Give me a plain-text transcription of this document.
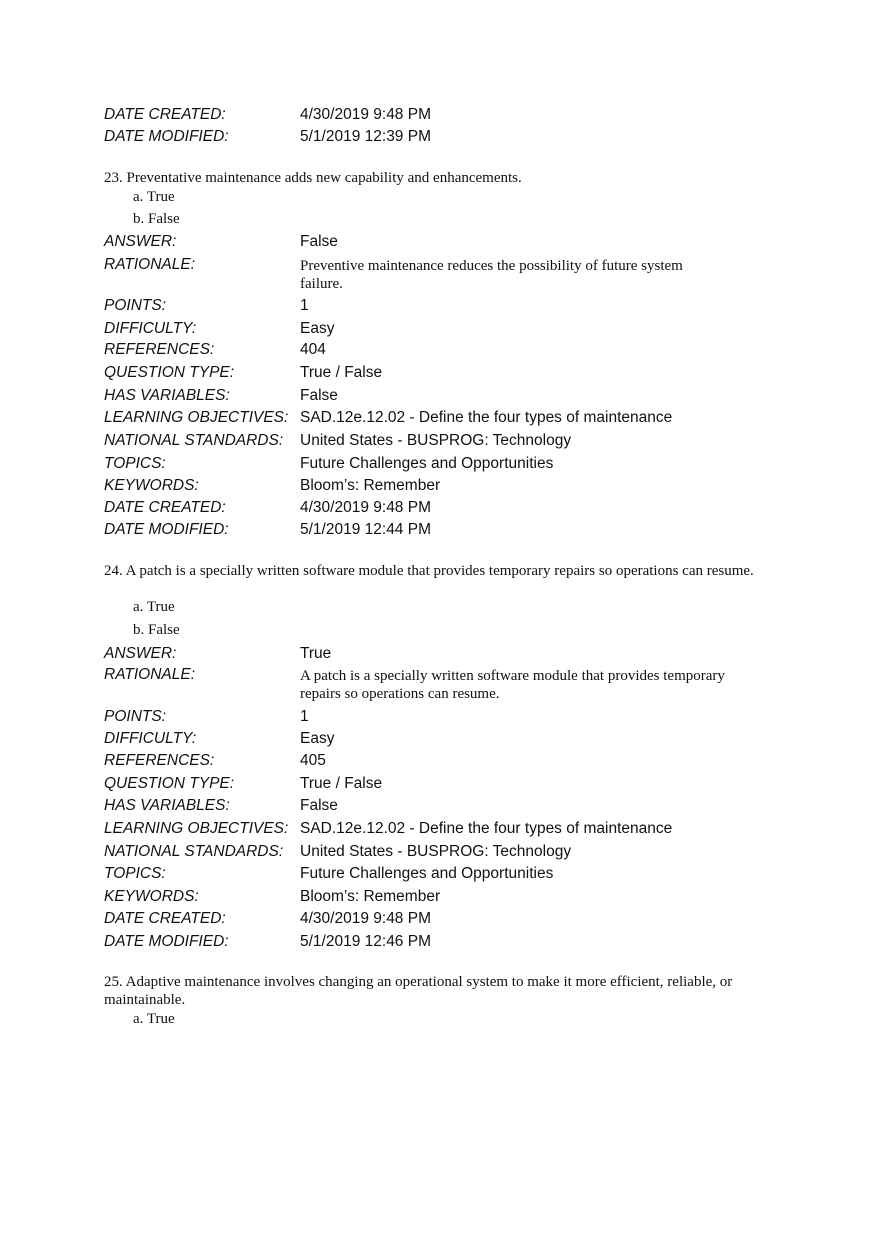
DATE CREATED:	4/30/2019 9:48 PM
DATE MODIFIED:	5/1/2019 12:39 PM
23. Preventative maintenance adds new capability and enhancements.
a. True
b. False
ANSWER:	False
RATIONALE:	Preventive maintenance reduces the possibility of future system failure.
POINTS:	1
DIFFICULTY:	Easy
REFERENCES:	404
QUESTION TYPE:	True / False
HAS VARIABLES:	False
LEARNING OBJECTIVES: SAD.12e.12.02 - Define the four types of maintenance
NATIONAL STANDARDS: United States - BUSPROG: Technology
TOPICS:	Future Challenges and Opportunities
KEYWORDS:	Bloom’s: Remember
DATE CREATED:	4/30/2019 9:48 PM
DATE MODIFIED:	5/1/2019 12:44 PM
24. A patch is a specially written software module that provides temporary repairs so operations can resume.
a. True
b. False
ANSWER:	True
RATIONALE:	A patch is a specially written software module that provides temporary repairs so operations can resume.
POINTS:	1
DIFFICULTY:	Easy
REFERENCES:	405
QUESTION TYPE:	True / False
HAS VARIABLES:	False
LEARNING OBJECTIVES: SAD.12e.12.02 - Define the four types of maintenance
NATIONAL STANDARDS: United States - BUSPROG: Technology
TOPICS:	Future Challenges and Opportunities
KEYWORDS:	Bloom’s: Remember
DATE CREATED:	4/30/2019 9:48 PM
DATE MODIFIED:	5/1/2019 12:46 PM
25. Adaptive maintenance involves changing an operational system to make it more efficient, reliable, or maintainable.
a. True
